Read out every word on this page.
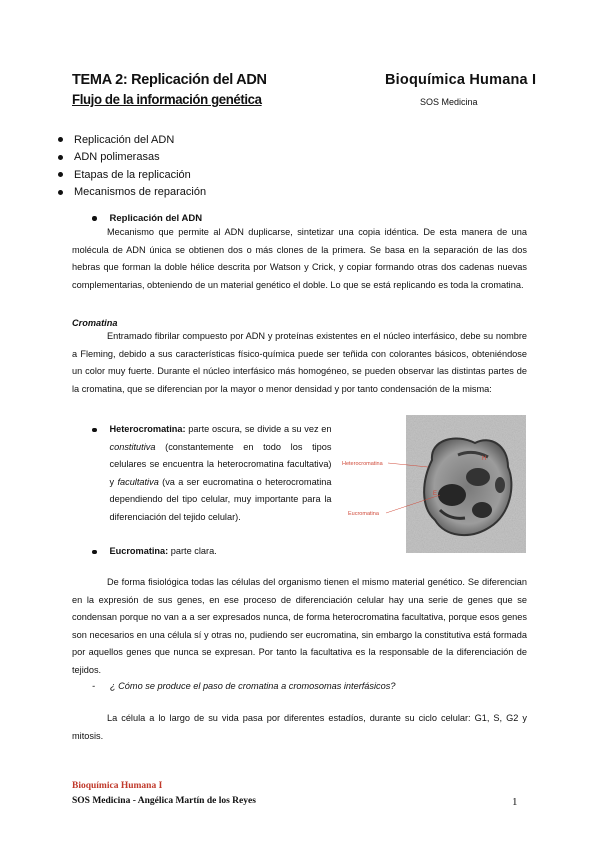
TEMA 2: Replicación del ADN
Flujo de la información genética
Bioquímica Humana I
SOS Medicina
Replicación del ADN
ADN polimerasas
Etapas de la replicación
Mecanismos de reparación
Replicación del ADN
Mecanismo que permite al ADN duplicarse, sintetizar una copia idéntica. De esta manera de una molécula de ADN única se obtienen dos o más clones de la primera. Se basa en la separación de las dos hebras que forman la doble hélice descrita por Watson y Crick, y copiar formando otras dos cadenas nuevas complementarias, obteniendo de un material genético el doble. Lo que se está replicando es toda la cromatina.
Cromatina
Entramado fibrilar compuesto por ADN y proteínas existentes en el núcleo interfásico, debe su nombre a Fleming, debido a sus características físico-química puede ser teñida con colorantes básicos, obteniéndose un color muy fuerte. Durante el núcleo interfásico más homogéneo, se pueden observar las distintas partes de la cromatina, que se diferencian por la mayor o menor densidad y por tanto condensación de la misma:
Heterocromatina: parte oscura, se divide a su vez en constitutiva (constantemente en todo los tipos celulares se encuentra la heterocromatina facultativa) y facultativa (va a ser eucromatina o heterocromatina dependiendo del tipo celular, muy importante para la diferenciación del tejido celular).
Heterocromatina
Eucromatina
H
E
Eucromatina: parte clara.
De forma fisiológica todas las células del organismo tienen el mismo material genético. Se diferencian en la expresión de sus genes, en ese proceso de diferenciación celular hay una serie de genes que se condensan porque no van a a ser expresados nunca, de forma heterocromatina facultativa, porque esos genes son necesarios en una célula sí y otras no, pudiendo ser eucromatina, sin embargo la constitutiva está formada por aquellos genes que nunca se expresan. Por tanto la facultativa es la responsable de la diferenciación de tejidos.
-	¿ Cómo se produce el paso de cromatina a cromosomas interfásicos?
La célula a lo largo de su vida pasa por diferentes estadíos, durante su ciclo celular: G1, S, G2 y mitosis.
Bioquímica Humana I
SOS Medicina - Angélica Martín de los Reyes	1
